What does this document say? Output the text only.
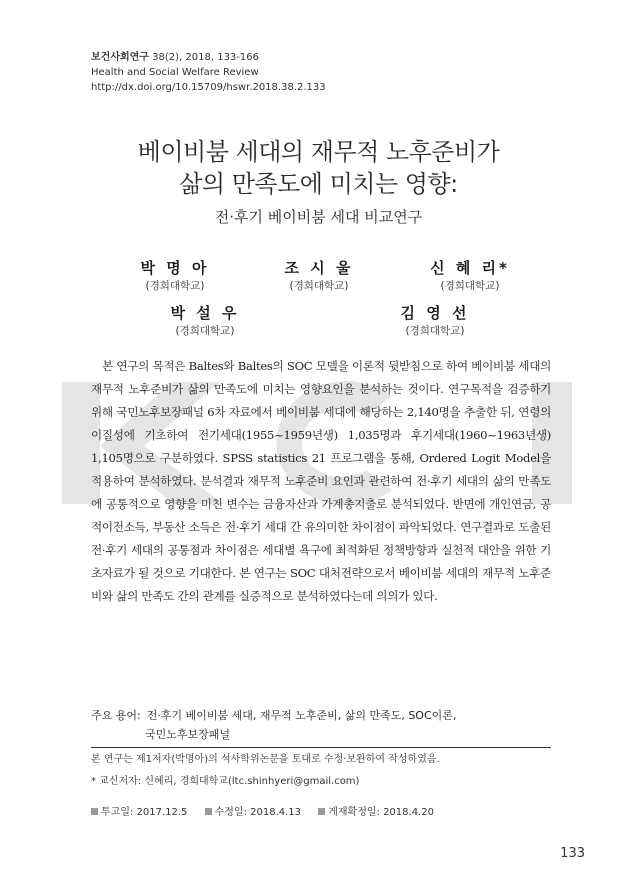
보건사회연구 38(2), 2018, 133-166
Health and Social Welfare Review
http://dx.doi.org/10.15709/hswr.2018.38.2.133
베이비붐 세대의 재무적 노후준비가
삶의 만족도에 미치는 영향:
전·후기 베이비붐 세대 비교연구
박 명 아
(경희대학교)
조 시 울
(경희대학교)
신 혜 리*
(경희대학교)
박 설 우
(경희대학교)
김 영 선
(경희대학교)
본 연구의 목적은 Baltes와 Baltes의 SOC 모델을 이론적 뒷받침으로 하여 베이비붐 세대의 재무적 노후준비가 삶의 만족도에 미치는 영향요인을 분석하는 것이다. 연구목적을 검증하기 위해 국민노후보장패널 6차 자료에서 베이비붐 세대에 해당하는 2,140명을 추출한 뒤, 연령의 이질성에 기초하여 전기세대(1955~1959년생) 1,035명과 후기세대(1960~1963년생) 1,105명으로 구분하였다. SPSS statistics 21 프로그램을 통해, Ordered Logit Model을 적용하여 분석하였다. 분석결과 재무적 노후준비 요인과 관련하여 전·후기 세대의 삶의 만족도에 공통적으로 영향을 미친 변수는 금융자산과 가계총지출로 분석되었다. 반면에 개인연금, 공적이전소득, 부동산 소득은 전·후기 세대 간 유의미한 차이점이 파악되었다. 연구결과로 도출된 전·후기 세대의 공통점과 차이점은 세대별 욕구에 최적화된 정책방향과 실천적 대안을 위한 기초자료가 될 것으로 기대한다. 본 연구는 SOC 대처전략으로서 베이비붐 세대의 재무적 노후준비와 삶의 만족도 간의 관계를 실증적으로 분석하였다는데 의의가 있다.
주요 용어: 전·후기 베이비붐 세대, 재무적 노후준비, 삶의 만족도, SOC이론,
국민노후보장패널
본 연구는 제1저자(박명아)의 석사학위논문을 토대로 수정·보완하여 작성하였음.
* 교신저자: 신혜리, 경희대학교(ltc.shinhyeri@gmail.com)
투고일: 2017.12.5	수정일: 2018.4.13	게재확정일: 2018.4.20
133
